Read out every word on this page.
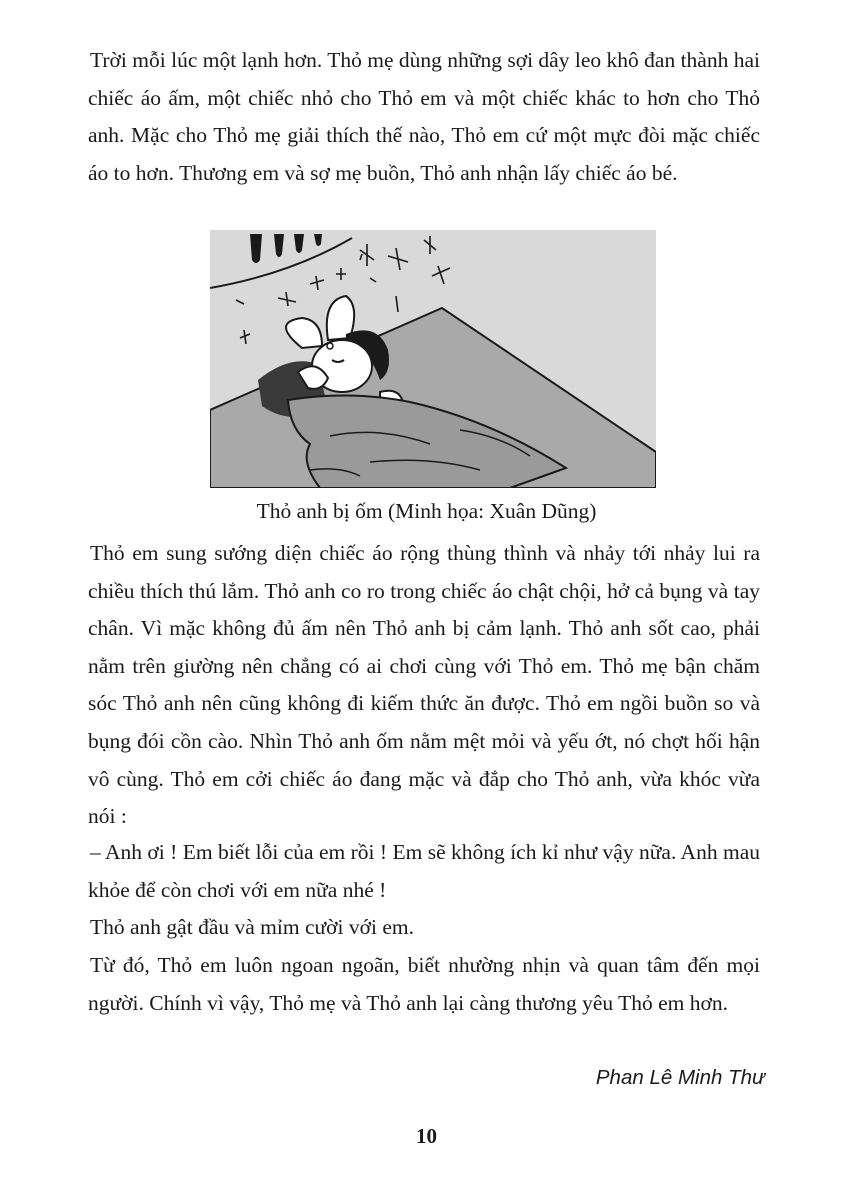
Trời mỗi lúc một lạnh hơn. Thỏ mẹ dùng những sợi dây leo khô đan thành hai chiếc áo ấm, một chiếc nhỏ cho Thỏ em và một chiếc khác to hơn cho Thỏ anh. Mặc cho Thỏ mẹ giải thích thế nào, Thỏ em cứ một mực đòi mặc chiếc áo to hơn. Thương em và sợ mẹ buồn, Thỏ anh nhận lấy chiếc áo bé.

Thỏ anh bị ốm (Minh họa: Xuân Dũng)

Thỏ em sung sướng diện chiếc áo rộng thùng thình và nhảy tới nhảy lui ra chiều thích thú lắm. Thỏ anh co ro trong chiếc áo chật chội, hở cả bụng và tay chân. Vì mặc không đủ ấm nên Thỏ anh bị cảm lạnh. Thỏ anh sốt cao, phải nằm trên giường nên chẳng có ai chơi cùng với Thỏ em. Thỏ mẹ bận chăm sóc Thỏ anh nên cũng không đi kiếm thức ăn được. Thỏ em ngồi buồn so và bụng đói cồn cào. Nhìn Thỏ anh ốm nằm mệt mỏi và yếu ớt, nó chợt hối hận vô cùng. Thỏ em cởi chiếc áo đang mặc và đắp cho Thỏ anh, vừa khóc vừa nói :

– Anh ơi ! Em biết lỗi của em rồi ! Em sẽ không ích kỉ như vậy nữa. Anh mau khỏe để còn chơi với em nữa nhé !

Thỏ anh gật đầu và mỉm cười với em.

Từ đó, Thỏ em luôn ngoan ngoãn, biết nhường nhịn và quan tâm đến mọi người. Chính vì vậy, Thỏ mẹ và Thỏ anh lại càng thương yêu Thỏ em hơn.

Phan Lê Minh Thư
10
